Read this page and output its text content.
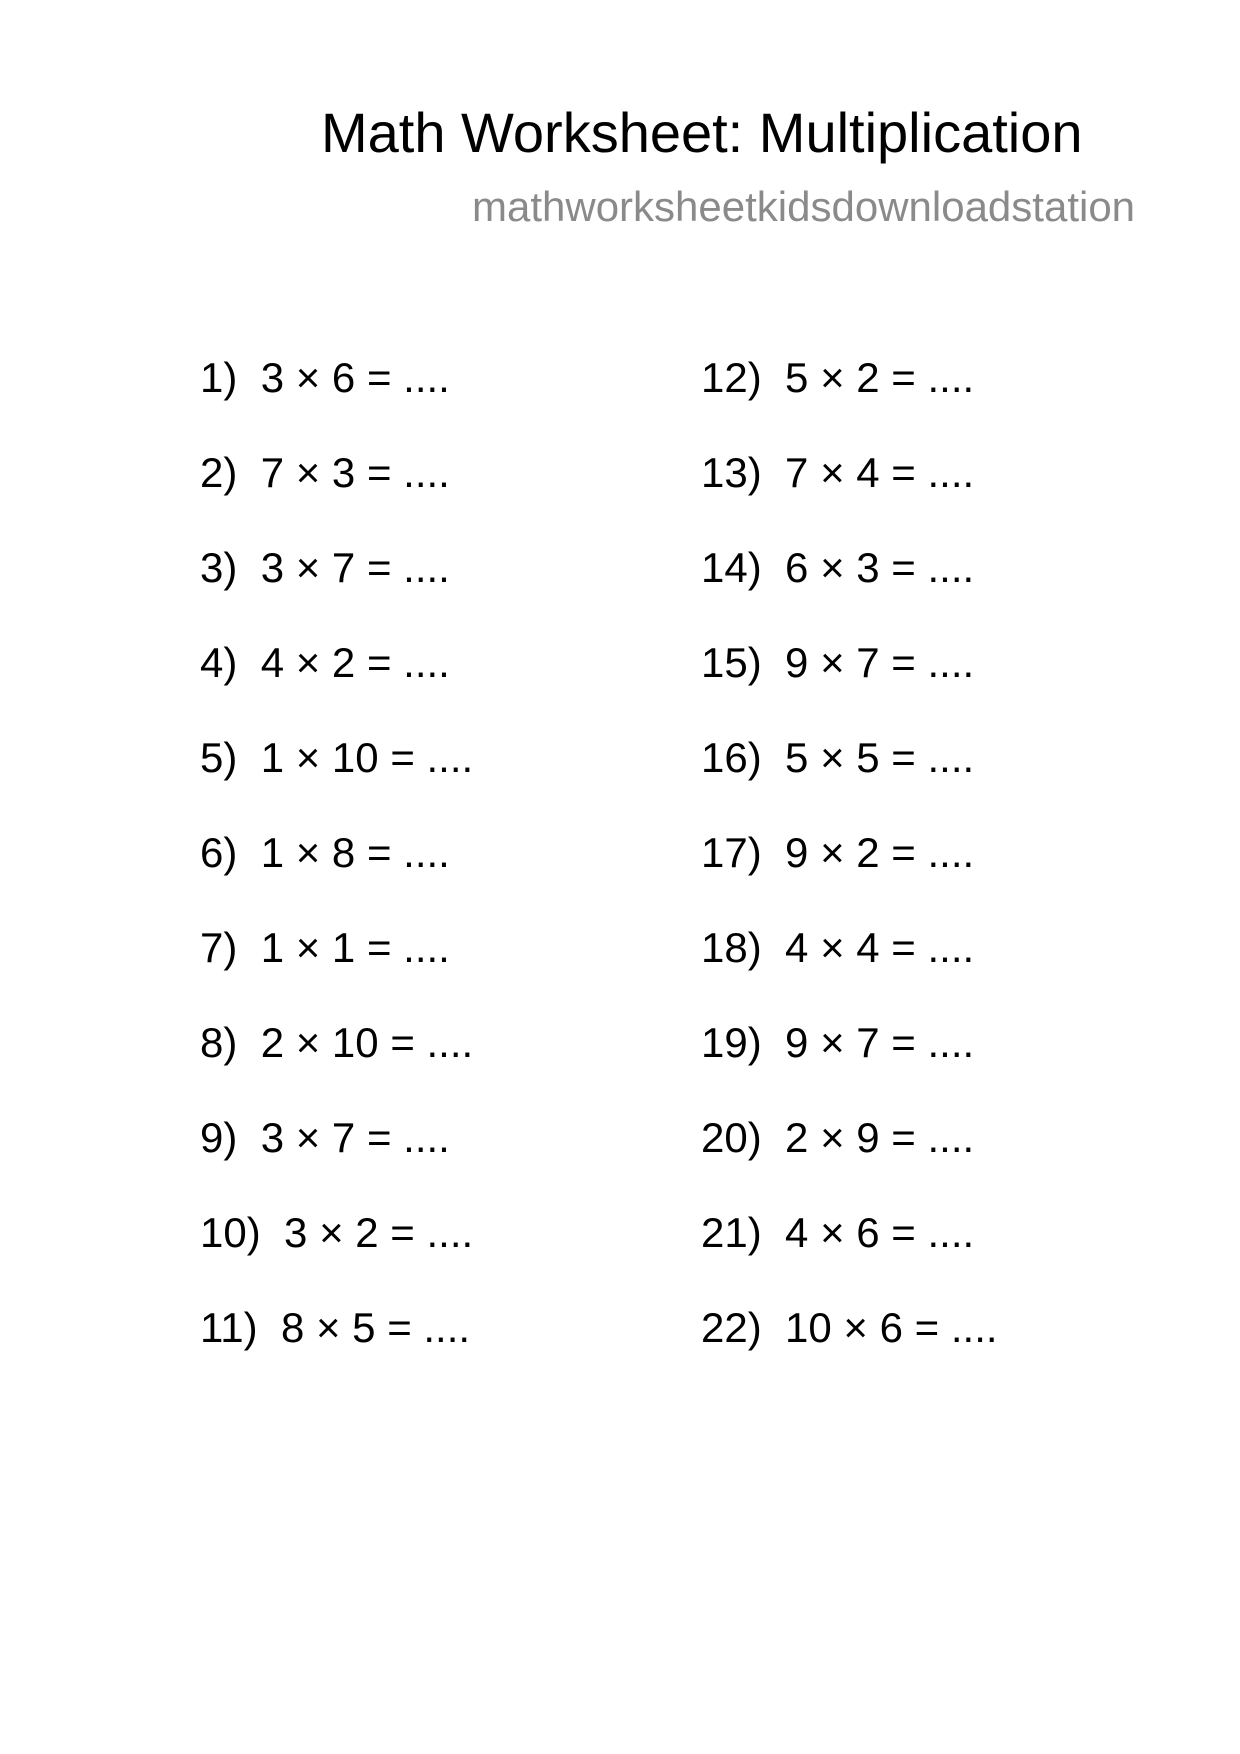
Math Worksheet: Multiplication
mathworksheetkidsdownloadstation
1) 3 × 6 = ....
2) 7 × 3 = ....
3) 3 × 7 = ....
4) 4 × 2 = ....
5) 1 × 10 = ....
6) 1 × 8 = ....
7) 1 × 1 = ....
8) 2 × 10 = ....
9) 3 × 7 = ....
10) 3 × 2 = ....
11) 8 × 5 = ....
12) 5 × 2 = ....
13) 7 × 4 = ....
14) 6 × 3 = ....
15) 9 × 7 = ....
16) 5 × 5 = ....
17) 9 × 2 = ....
18) 4 × 4 = ....
19) 9 × 7 = ....
20) 2 × 9 = ....
21) 4 × 6 = ....
22) 10 × 6 = ....
